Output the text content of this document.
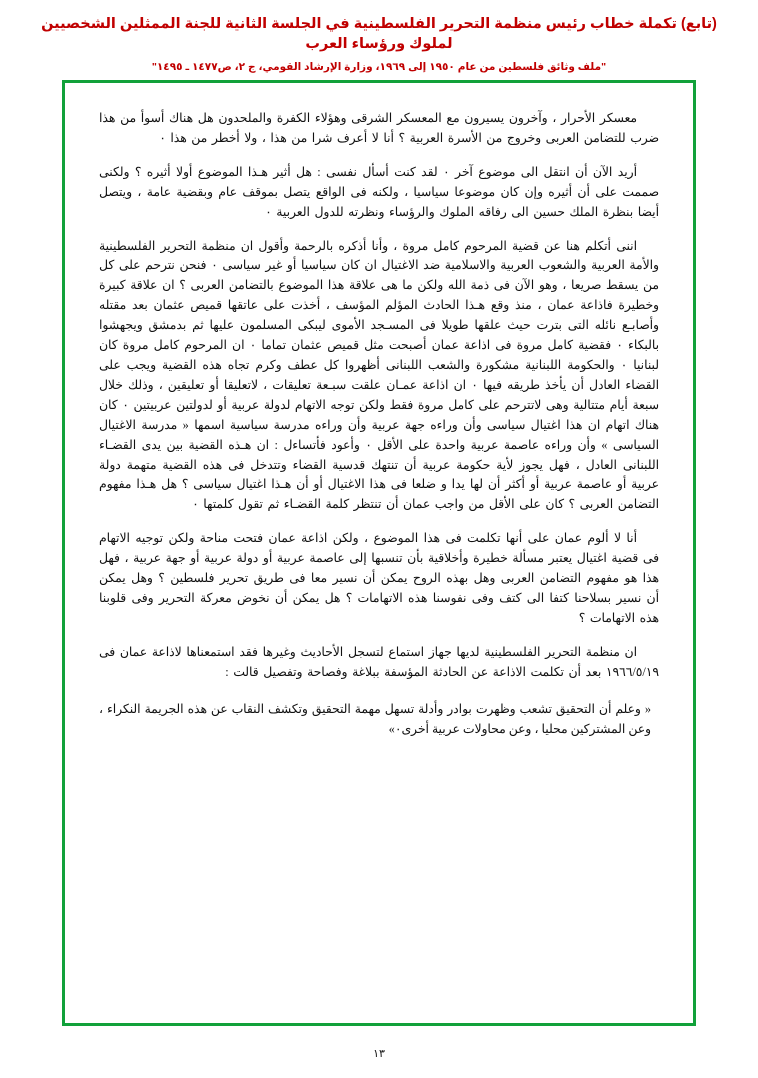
(تابع) تكملة خطاب رئيس منظمة التحرير الفلسطينية في الجلسة الثانية للجنة الممثلين الشخصيين لملوك ورؤساء العرب
"ملف وثائق فلسطين من عام ١٩٥٠ إلى ١٩٦٩، وزارة الإرشاد القومي، ج ٢، ص١٤٧٧ ـ ١٤٩٥"

معسكر الأحرار ، وآخرون يسيرون مع المعسكر الشرقى وهؤلاء الكفرة والملحدون هل هناك أسوأ من هذا ضرب للتضامن العربى وخروج من الأسرة العربية ؟ أنا لا أعرف شرا من هذا ، ولا أخطر من هذا ٠

أريد الآن أن انتقل الى موضوع آخر ٠ لقد كنت أسأل نفسى : هل أثير هـذا الموضوع أولا أثيره ؟ ولكنى صممت على أن أثيره وإن كان موضوعا سياسيا ، ولكنه فى الواقع يتصل بموقف عام وبقضية عامة ، ويتصل أيضا بنظرة الملك حسين الى رفاقه الملوك والرؤساء ونظرته للدول العربية ٠

اننى أتكلم هنا عن قضية المرحوم كامل مروة ، وأنا أذكره بالرحمة وأقول ان منظمة التحرير الفلسطينية والأمة العربية والشعوب العربية والاسلامية ضد الاغتيال ان كان سياسيا أو غير سياسى ٠ فنحن نترحم على كل من يسقط صريعا ، وهو الآن فى ذمة الله ولكن ما هى علاقة هذا الموضوع بالتضامن العربى ؟ ان علاقة كبيرة وخطيرة فاذاعة عمان ، منذ وقع هـذا الحادث المؤلم المؤسف ، أخذت على عاتقها قميص عثمان بعد مقتله وأصابـع نائله التى بترت حيث علقها طويلا فى المسـجد الأموى ليبكى المسلمون عليها ثم بدمشق ويجهشوا بالبكاء ٠ فقضية كامل مروة فى اذاعة عمان أصبحت مثل قميص عثمان تماما ٠ ان المرحوم كامل مروة كان لبنانيا ٠ والحكومة اللبنانية مشكورة والشعب اللبنانى أظهروا كل عطف وكرم تجاه هذه القضية ويجب على القضاء العادل أن يأخذ طريقه فيها ٠ ان اذاعة عمـان علقت سبـعة تعليقات ، لاتعليقا أو تعليقين ، وذلك خلال سبعة أيام متتالية وهى لاتترحم على كامل مروة فقط ولكن توجه الاتهام لدولة عربية أو لدولتين عربيتين ٠ كان هناك اتهام ان هذا اغتيال سياسى وأن وراءه جهة عربية وأن وراءه مدرسة سياسية اسمها « مدرسة الاغتيال السياسى » وأن وراءه عاصمة عربية واحدة على الأقل ٠ وأعود فأتساءل : ان هـذه القضية بين يدى القضـاء اللبنانى العادل ، فهل يجوز لأية حكومة عربية أن تنتهك قدسية القضاء وتتدخل فى هذه القضية متهمة دولة عربية أو عاصمة عربية أو أكثر أن لها يدا و ضلعا فى هذا الاغتيال أو أن هـذا اغتيال سياسى ؟ هل هـذا مفهوم التضامن العربى ؟ كان على الأقل من واجب عمان أن تنتظر كلمة القضـاء ثم تقول كلمتها ٠

أنا لا ألوم عمان على أنها تكلمت فى هذا الموضوع ، ولكن اذاعة عمان فتحت مناحة ولكن توجيه الاتهام فى قضية اغتيال يعتبر مسألة خطيرة وأخلاقية بأن تنسبها إلى عاصمة عربية أو دولة عربية أو جهة عربية ، فهل هذا هو مفهوم التضامن العربى وهل بهذه الروح يمكن أن نسير معا فى طريق تحرير فلسطين ؟ وهل يمكن أن نسير بسلاحنا كتفا الى كتف وفى نفوسنا هذه الاتهامات ؟ هل يمكن أن نخوض معركة التحرير وفى قلوبنا هذه الاتهامات ؟

ان منظمة التحرير الفلسطينية لديها جهاز استماع لتسجل الأحاديث وغيرها فقد استمعناها لاذاعة عمان فى ١٩٦٦/٥/١٩ بعد أن تكلمت الاذاعة عن الحادثة المؤسفة ببلاغة وفصاحة وتفصيل قالت :

« وعلم أن التحقيق تشعب وظهرت بوادر وأدلة تسهل مهمة التحقيق وتكشف النقاب عن هذه الجريمة النكراء ، وعن المشتركين محليا ، وعن محاولات عربية أخرى٠»

١٣
